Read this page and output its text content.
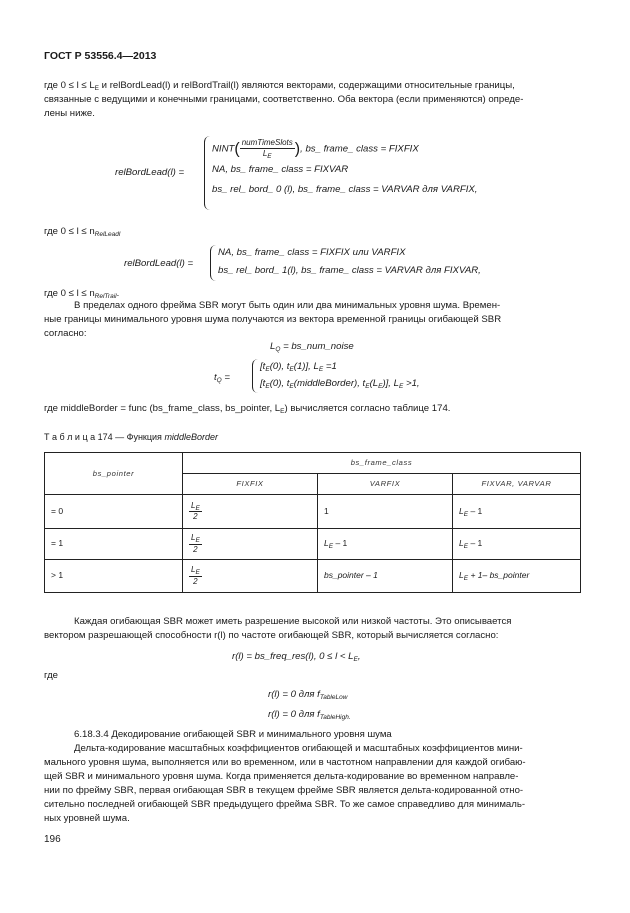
ГОСТ Р 53556.4—2013
где $0 \le l \le L_E$ и relBordLead(l) и relBordTrail(l) являются векторами, содержащими относительные границы,
связанные с ведущими и конечными границами, соответственно. Оба вектора (если применяются) опреде-
лены ниже.
relBordLead(l) =
NINT( $\frac{\text{numTimeSlots}}{L_E}$ ), bs_ frame_ class = FIXFIX
NA, bs_ frame_ class = FIXVAR
bs_ rel_ bord_ 0 (l), bs_ frame_ class = VARVAR для VARFIX,
где $0 \le l \le n_{RelLeadl}$
relBordLead(l) =
NA, bs_ frame_ class = FIXFIX или VARFIX
bs_ rel_ bord_ 1(l), bs_ frame_ class = VARVAR для FIXVAR,
где $0 \le l \le n_{RelTrail}$.
В пределах одного фрейма SBR могут быть один или два минимальных уровня шума. Времен-
ные границы минимального уровня шума получаются из вектора временной границы огибающей SBR
согласно:
$L_Q$ = bs_num_noise
$t_Q$ =
[$t_E(0)$, $t_E(1)$], $L_E =1$
[$t_E(0)$, $t_E(middleBorder)$, $t_E(L_E)$], $L_E >1$,
где middleBorder = func (bs_frame_class, bs_pointer, $L_E$) вычисляется согласно таблице 174.
Т а б л и ц а 174 — Функция middleBorder
bs_pointer	bs_frame_class		
	FIXFIX	VARFIX	FIXVAR, VARVAR
= 0	$\frac{L_E}{2}$	1	$L_E - 1$
= 1	$\frac{L_E}{2}$	$L_E - 1$	$L_E - 1$
> 1	$\frac{L_E}{2}$	bs_pointer – 1	$L_E + 1-$ bs_pointer
Каждая огибающая SBR может иметь разрешение высокой или низкой частоты. Это описывается
вектором разрешающей способности r(l) по частоте огибающей SBR, который вычисляется согласно:
r(l) = bs_freq_res(l), $0 \le l < L_E$,
где
r(l) = 0 для $f_{TableLow}$
r(l) = 0 для $f_{TableHigh.}$
6.18.3.4 Декодирование огибающей SBR и минимального уровня шума
Дельта-кодирование масштабных коэффициентов огибающей и масштабных коэффициентов мини-
мального уровня шума, выполняется или во временном, или в частотном направлении для каждой огибаю-
щей SBR и минимального уровня шума. Когда применяется дельта-кодирование во временном направле-
нии по фрейму SBR, первая огибающая SBR в текущем фрейме SBR является дельта-кодированной отно-
сительно последней огибающей SBR предыдущего фрейма SBR. То же самое справедливо для минималь-
ных уровней шума.
196
